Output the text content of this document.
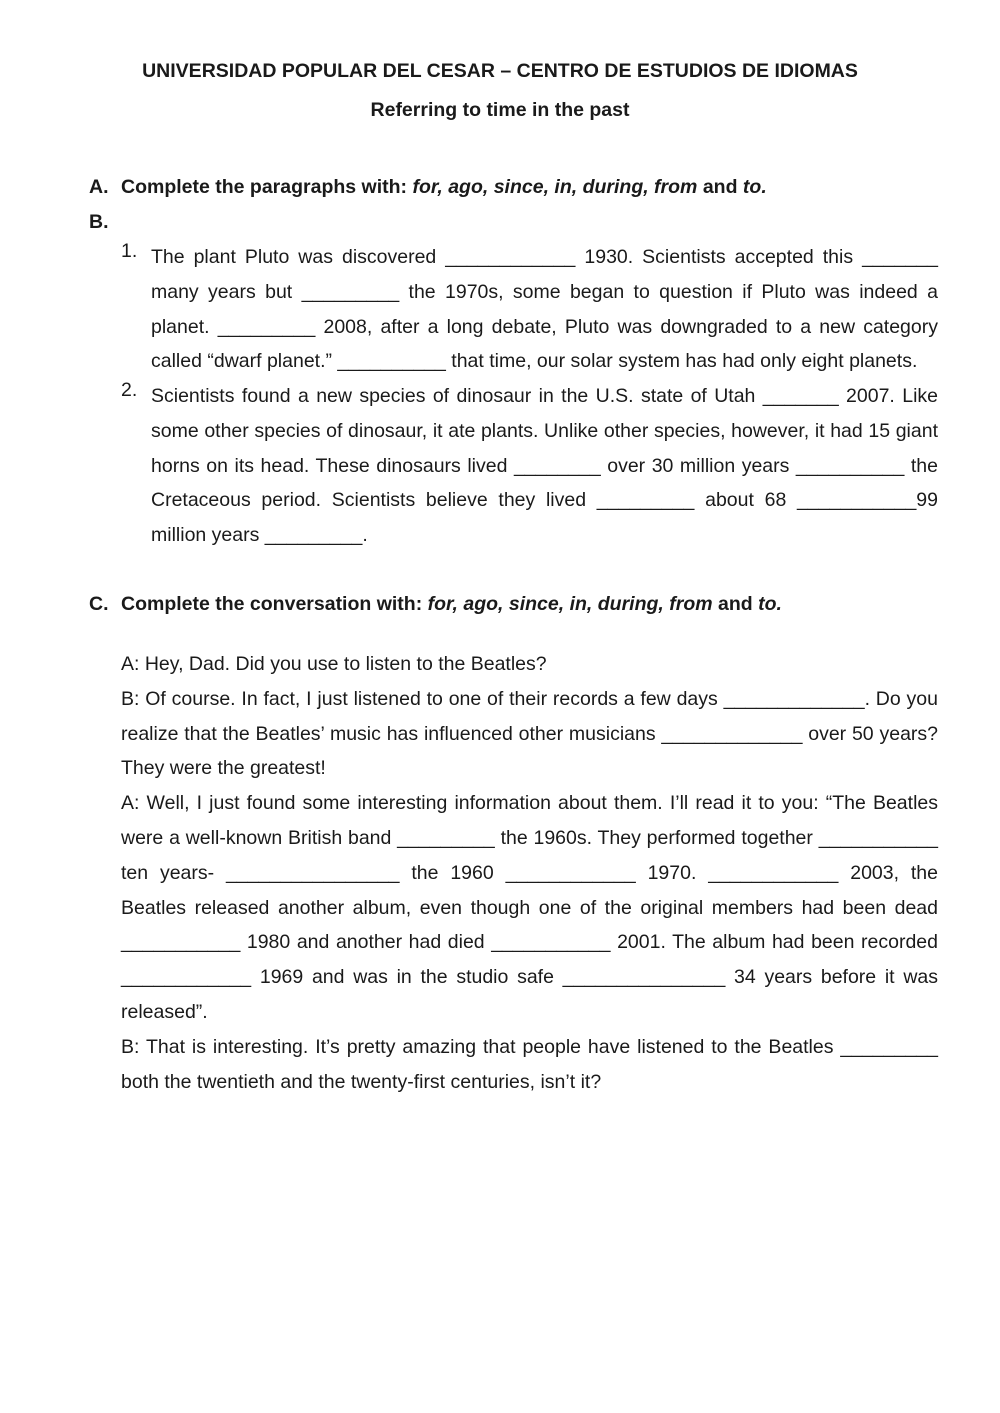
UNIVERSIDAD POPULAR DEL CESAR – CENTRO DE ESTUDIOS DE IDIOMAS
Referring to time in the past
A. Complete the paragraphs with: for, ago, since, in, during, from and to.
B.
1. The plant Pluto was discovered ____________ 1930. Scientists accepted this _______ many years but _________ the 1970s, some began to question if Pluto was indeed a planet. _________ 2008, after a long debate, Pluto was downgraded to a new category called “dwarf planet.” __________ that time, our solar system has had only eight planets.
2. Scientists found a new species of dinosaur in the U.S. state of Utah _______ 2007. Like some other species of dinosaur, it ate plants. Unlike other species, however, it had 15 giant horns on its head. These dinosaurs lived ________ over 30 million years __________ the Cretaceous period. Scientists believe they lived _________ about 68 ___________99 million years _________.
C. Complete the conversation with: for, ago, since, in, during, from and to.

A: Hey, Dad. Did you use to listen to the Beatles?

B: Of course. In fact, I just listened to one of their records a few days _____________. Do you realize that the Beatles’ music has influenced other musicians _____________ over 50 years? They were the greatest!

A: Well, I just found some interesting information about them. I’ll read it to you: “The Beatles were a well-known British band _________ the 1960s. They performed together ___________ ten years- ________________ the 1960 ____________ 1970. ____________ 2003, the Beatles released another album, even though one of the original members had been dead ___________ 1980 and another had died ___________ 2001. The album had been recorded ____________ 1969 and was in the studio safe _______________ 34 years before it was released”.

B: That is interesting. It’s pretty amazing that people have listened to the Beatles _________ both the twentieth and the twenty-first centuries, isn’t it?
